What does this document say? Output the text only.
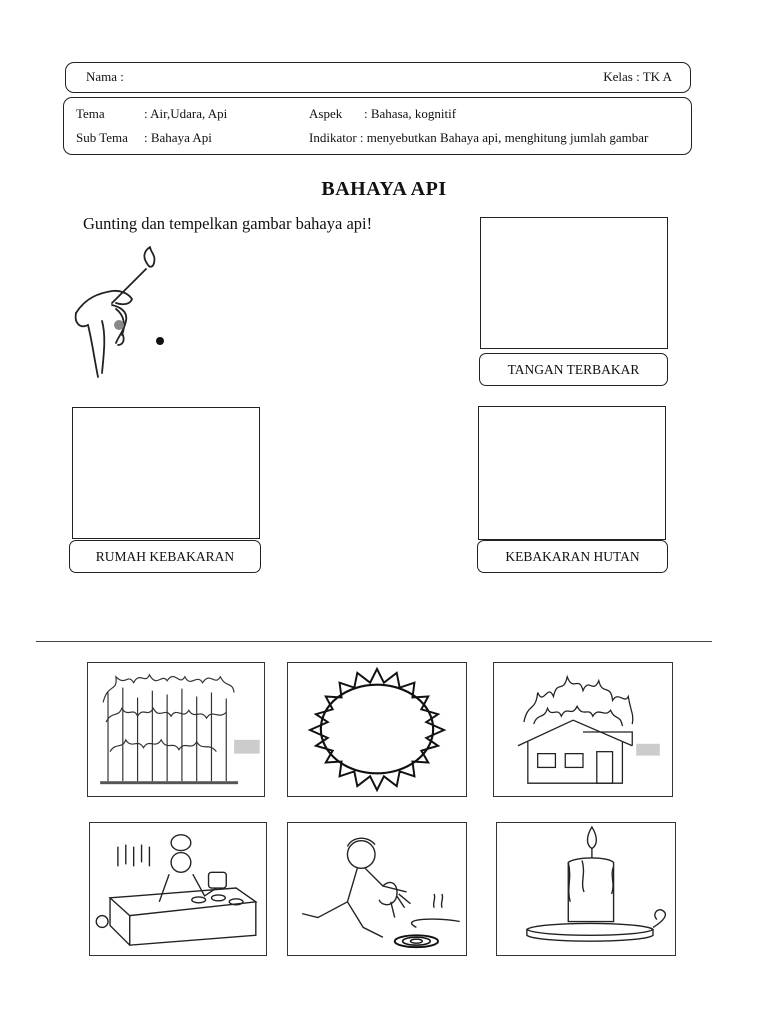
Nama :	Kelas : TK A
Tema	: Air,Udara, Api	Aspek : Bahasa, kognitif
Sub Tema : Bahaya Api	Indikator : menyebutkan Bahaya api, menghitung jumlah gambar
BAHAYA API
Gunting dan tempelkan gambar bahaya api!
TANGAN TERBAKAR
RUMAH KEBAKARAN	KEBAKARAN HUTAN
